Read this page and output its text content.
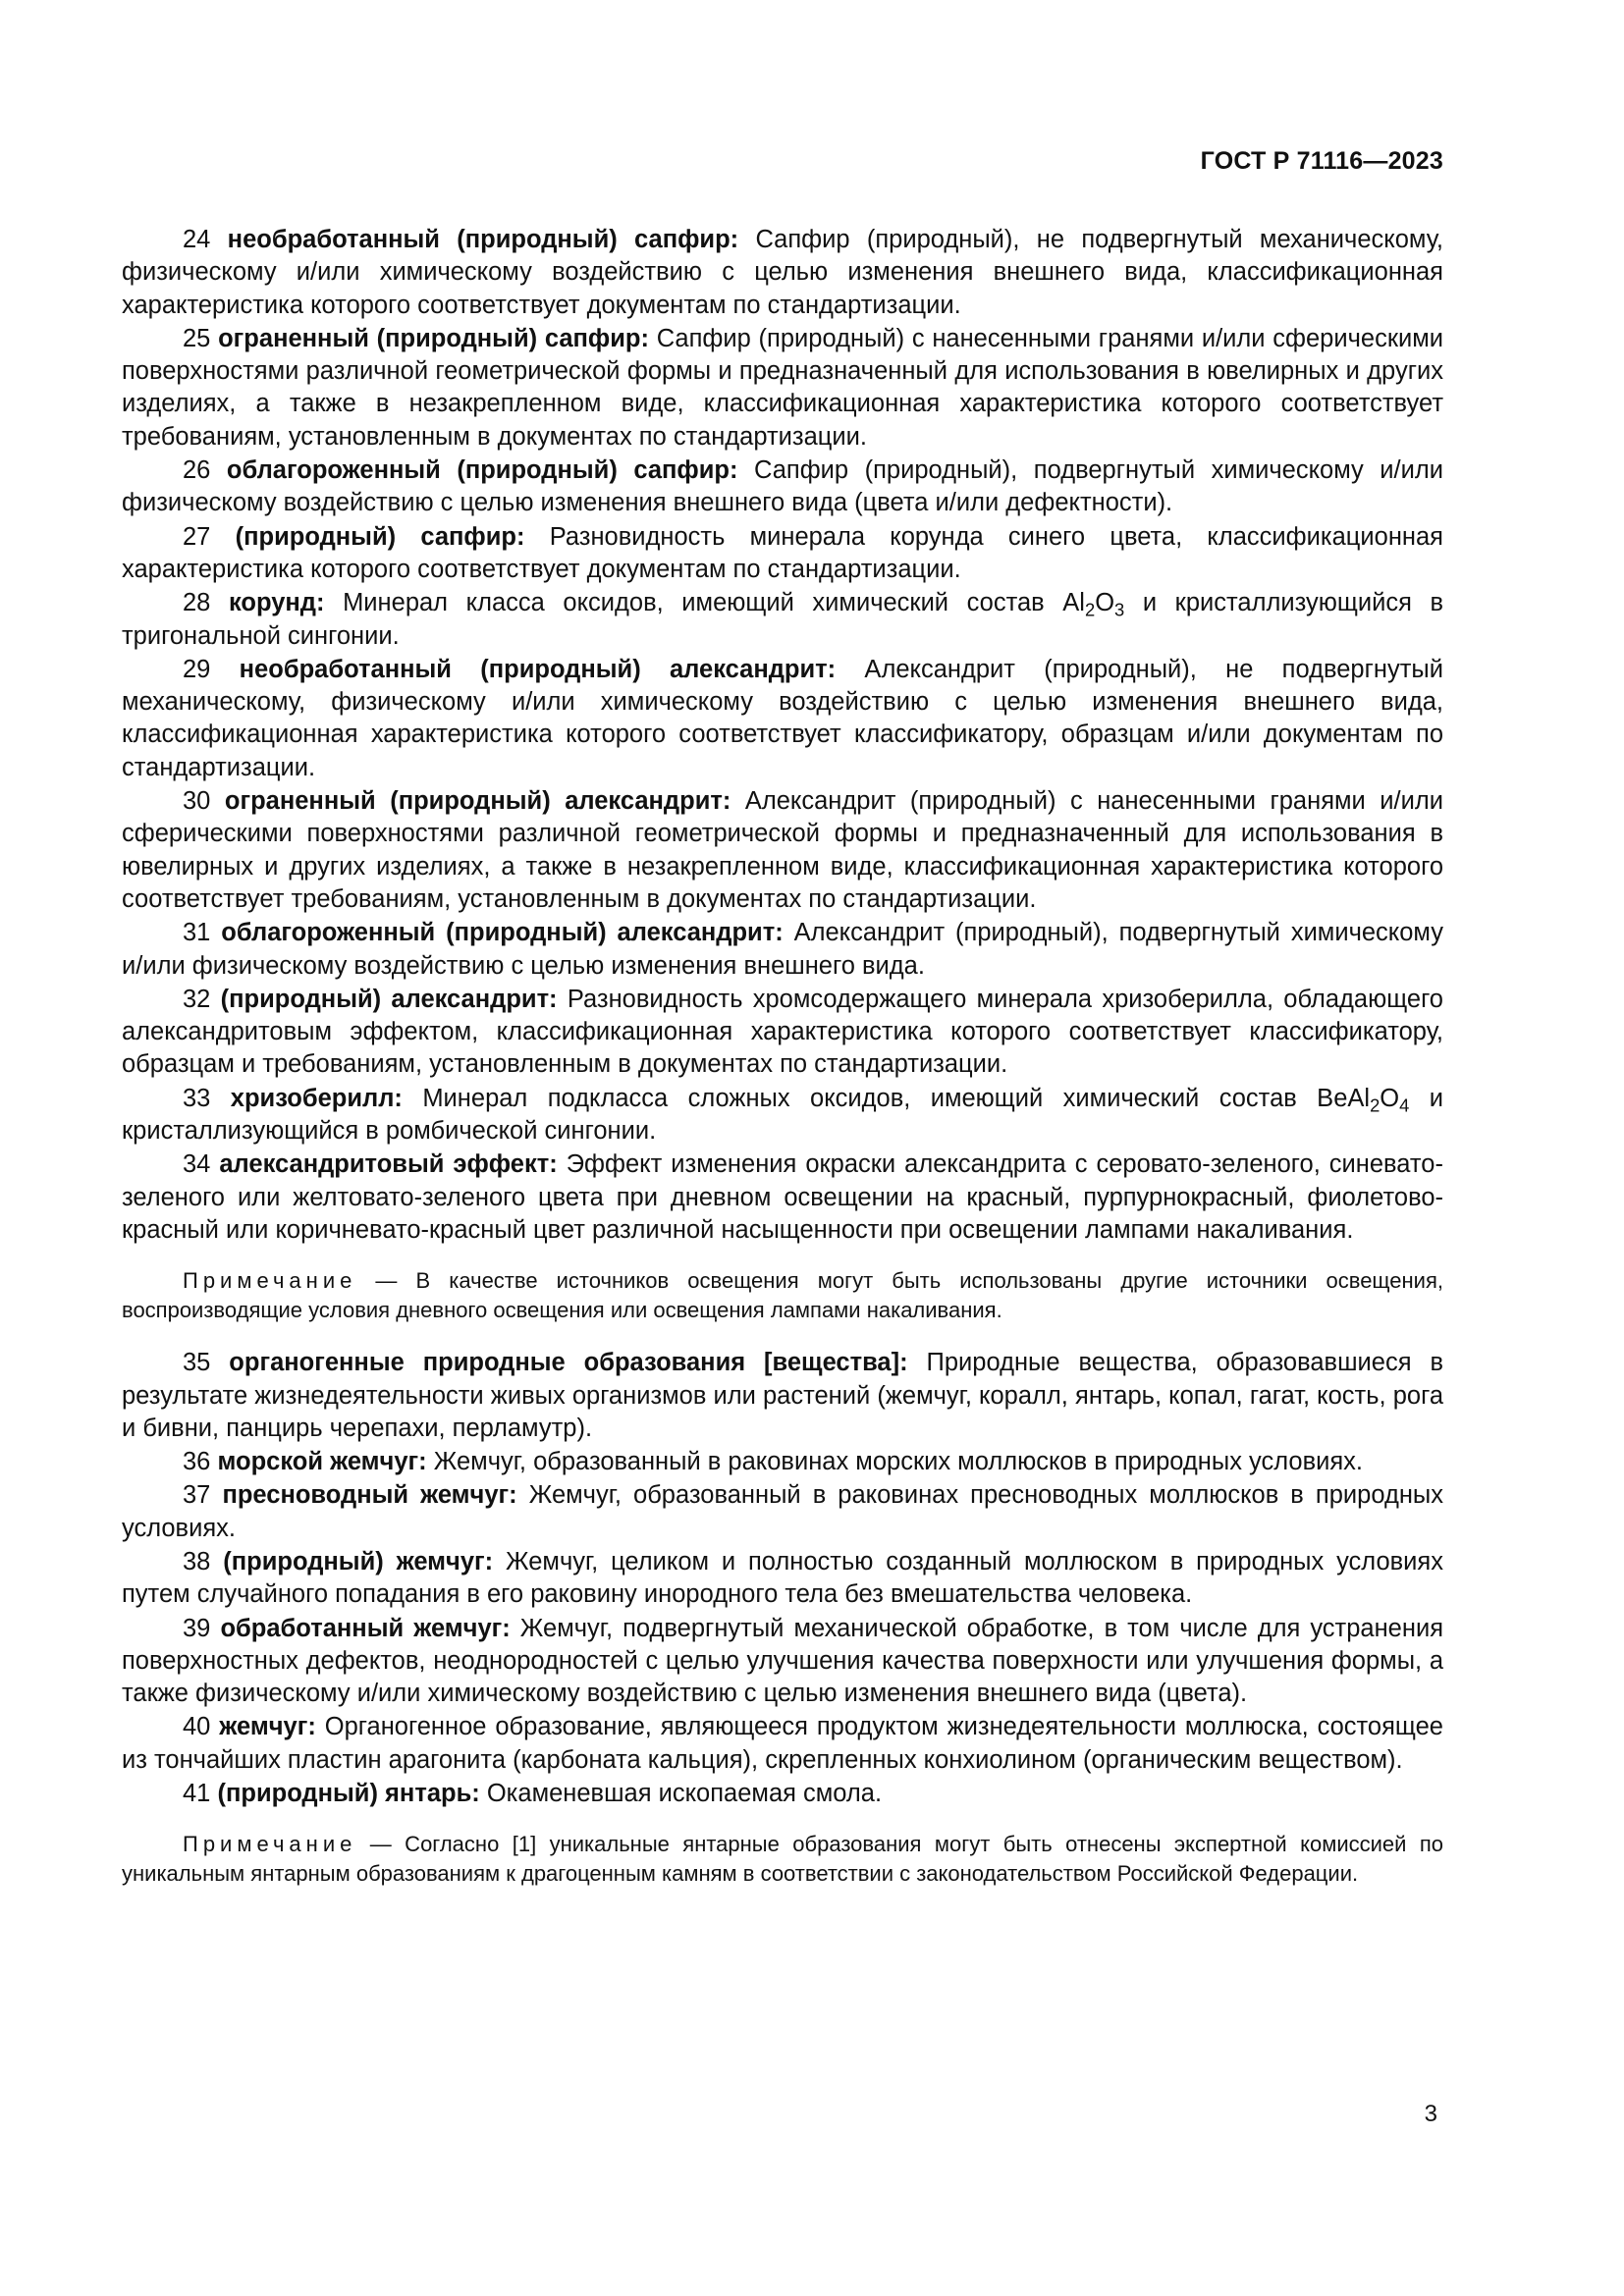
ГОСТ Р 71116—2023

24 необработанный (природный) сапфир: Сапфир (природный), не подвергнутый механическому, физическому и/или химическому воздействию с целью изменения внешнего вида, классификационная характеристика которого соответствует документам по стандартизации.

25 ограненный (природный) сапфир: Сапфир (природный) с нанесенными гранями и/или сферическими поверхностями различной геометрической формы и предназначенный для использования в ювелирных и других изделиях, а также в незакрепленном виде, классификационная характеристика которого соответствует требованиям, установленным в документах по стандартизации.

26 облагороженный (природный) сапфир: Сапфир (природный), подвергнутый химическому и/или физическому воздействию с целью изменения внешнего вида (цвета и/или дефектности).

27 (природный) сапфир: Разновидность минерала корунда синего цвета, классификационная характеристика которого соответствует документам по стандартизации.

28 корунд: Минерал класса оксидов, имеющий химический состав $Al_2O_3$ и кристаллизующийся в тригональной сингонии.

29 необработанный (природный) александрит: Александрит (природный), не подвергнутый механическому, физическому и/или химическому воздействию с целью изменения внешнего вида, классификационная характеристика которого соответствует классификатору, образцам и/или документам по стандартизации.

30 ограненный (природный) александрит: Александрит (природный) с нанесенными гранями и/или сферическими поверхностями различной геометрической формы и предназначенный для использования в ювелирных и других изделиях, а также в незакрепленном виде, классификационная характеристика которого соответствует требованиям, установленным в документах по стандартизации.

31 облагороженный (природный) александрит: Александрит (природный), подвергнутый химическому и/или физическому воздействию с целью изменения внешнего вида.

32 (природный) александрит: Разновидность хромсодержащего минерала хризоберилла, обладающего александритовым эффектом, классификационная характеристика которого соответствует классификатору, образцам и требованиям, установленным в документах по стандартизации.

33 хризоберилл: Минерал подкласса сложных оксидов, имеющий химический состав $BeAl_2O_4$ и кристаллизующийся в ромбической сингонии.

34 александритовый эффект: Эффект изменения окраски александрита с серовато-зеленого, синевато-зеленого или желтовато-зеленого цвета при дневном освещении на красный, пурпурнокрасный, фиолетово-красный или коричневато-красный цвет различной насыщенности при освещении лампами накаливания.

Примечание — В качестве источников освещения могут быть использованы другие источники освещения, воспроизводящие условия дневного освещения или освещения лампами накаливания.

35 органогенные природные образования [вещества]: Природные вещества, образовавшиеся в результате жизнедеятельности живых организмов или растений (жемчуг, коралл, янтарь, копал, гагат, кость, рога и бивни, панцирь черепахи, перламутр).

36 морской жемчуг: Жемчуг, образованный в раковинах морских моллюсков в природных условиях.

37 пресноводный жемчуг: Жемчуг, образованный в раковинах пресноводных моллюсков в природных условиях.

38 (природный) жемчуг: Жемчуг, целиком и полностью созданный моллюском в природных условиях путем случайного попадания в его раковину инородного тела без вмешательства человека.

39 обработанный жемчуг: Жемчуг, подвергнутый механической обработке, в том числе для устранения поверхностных дефектов, неоднородностей с целью улучшения качества поверхности или улучшения формы, а также физическому и/или химическому воздействию с целью изменения внешнего вида (цвета).

40 жемчуг: Органогенное образование, являющееся продуктом жизнедеятельности моллюска, состоящее из тончайших пластин арагонита (карбоната кальция), скрепленных конхиолином (органическим веществом).

41 (природный) янтарь: Окаменевшая ископаемая смола.

Примечание — Согласно [1] уникальные янтарные образования могут быть отнесены экспертной комиссией по уникальным янтарным образованиям к драгоценным камням в соответствии с законодательством Российской Федерации.

3
